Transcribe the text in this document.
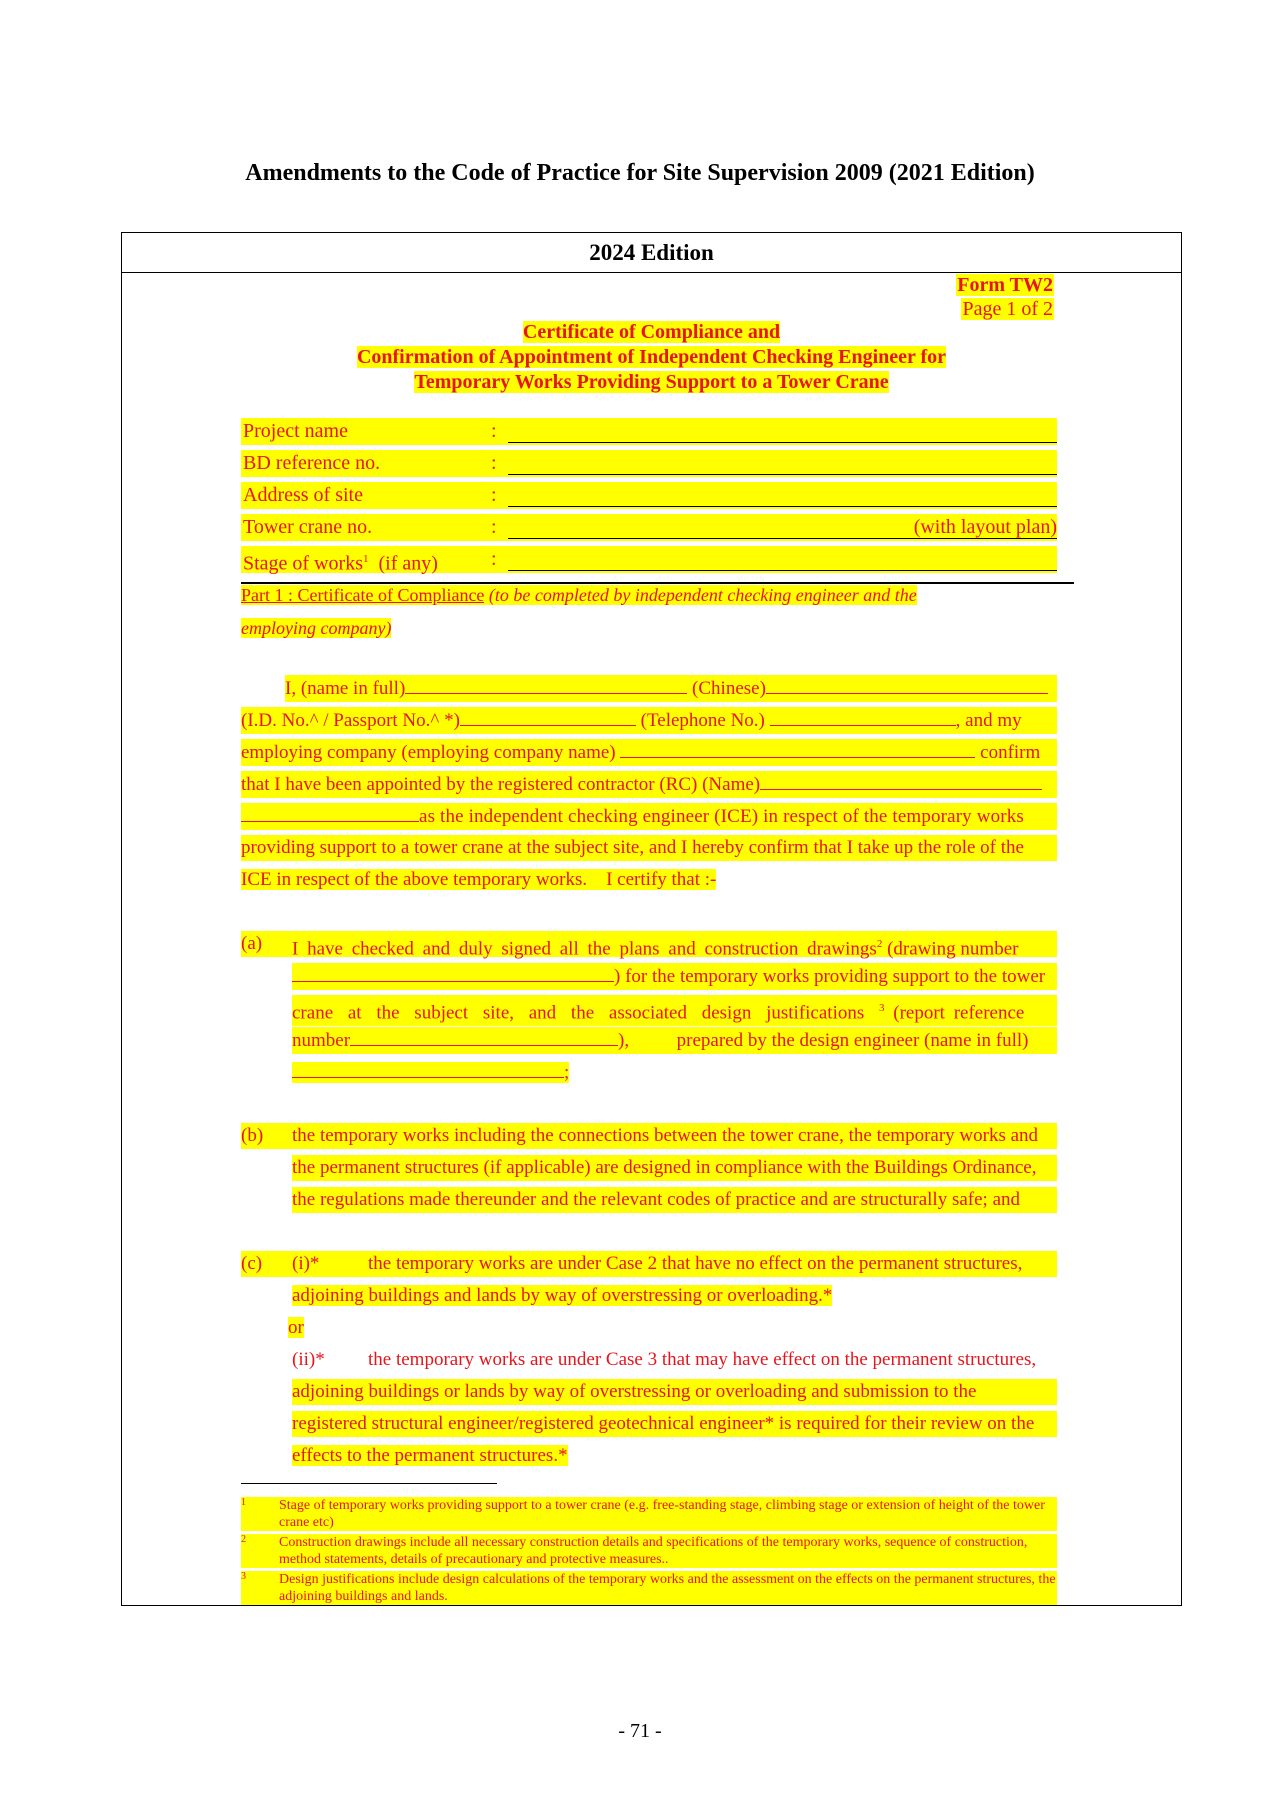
Amendments to the Code of Practice for Site Supervision 2009 (2021 Edition)
2024 Edition
Form TW2
Page 1 of 2
Certificate of Compliance and
Confirmation of Appointment of Independent Checking Engineer for
Temporary Works Providing Support to a Tower Crane
Project name	:
BD reference no.	:
Address of site	:
Tower crane no.	:	(with layout plan)
Stage of works$^1$  (if any)	:
Part 1 : Certificate of Compliance (to be completed by independent checking engineer and the
employing company)
I, (name in full)	(Chinese)
(I.D. No.^ / Passport No.^ *)	(Telephone No.)	, and my
employing company (employing company name)	confirm
that I have been appointed by the registered contractor (RC) (Name)
as the independent checking engineer (ICE) in respect of the temporary works
providing support to a tower crane at the subject site, and I hereby confirm that I take up the role of the
ICE in respect of the above temporary works.    I certify that :-
(a) I have checked and duly signed all the plans and construction drawings$^2$ (drawing number
) for the temporary works providing support to the tower
crane at the subject site, and the associated design justifications $^3$ (report reference
number	),          prepared by the design engineer (name in full)
;
(b) the temporary works including the connections between the tower crane, the temporary works and
the permanent structures (if applicable) are designed in compliance with the Buildings Ordinance,
the regulations made thereunder and the relevant codes of practice and are structurally safe; and
(c) (i)*	the temporary works are under Case 2 that have no effect on the permanent structures,
adjoining buildings and lands by way of overstressing or overloading.*
or
(ii)* the temporary works are under Case 3 that may have effect on the permanent structures,
adjoining buildings or lands by way of overstressing or overloading and submission to the
registered structural engineer/registered geotechnical engineer* is required for their review on the
effects to the permanent structures.*
1 Stage of temporary works providing support to a tower crane (e.g. free-standing stage, climbing stage or extension of height of the tower crane etc)
2 Construction drawings include all necessary construction details and specifications of the temporary works, sequence of construction, method statements, details of precautionary and protective measures..
3 Design justifications include design calculations of the temporary works and the assessment on the effects on the permanent structures, the adjoining buildings and lands.
- 71 -
